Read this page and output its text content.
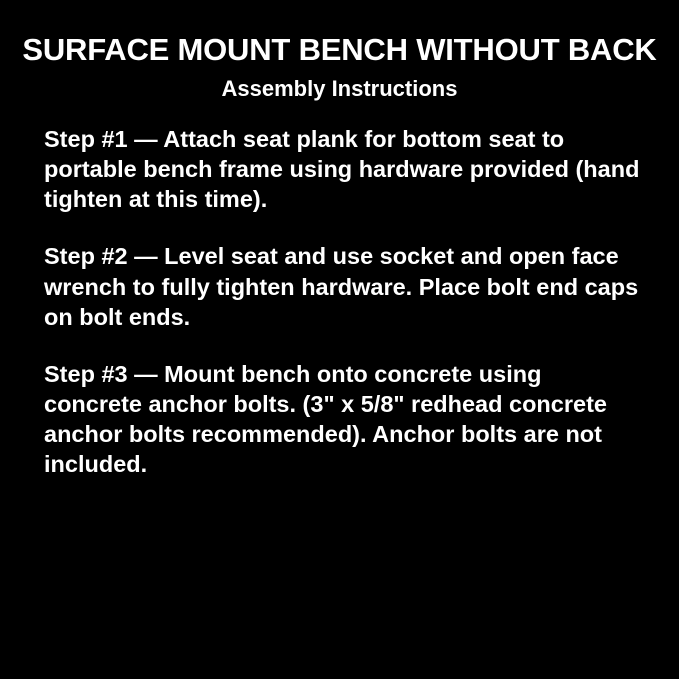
SURFACE MOUNT BENCH WITHOUT BACK
Assembly Instructions

Step #1 — Attach seat plank for bottom seat to portable bench frame using hardware provided (hand tighten at this time).

Step #2 — Level seat and use socket and open face wrench to fully tighten hardware. Place bolt end caps on bolt ends.

Step #3 — Mount bench onto concrete using concrete anchor bolts. (3" x 5/8" redhead concrete anchor bolts recommended). Anchor bolts are not included.
